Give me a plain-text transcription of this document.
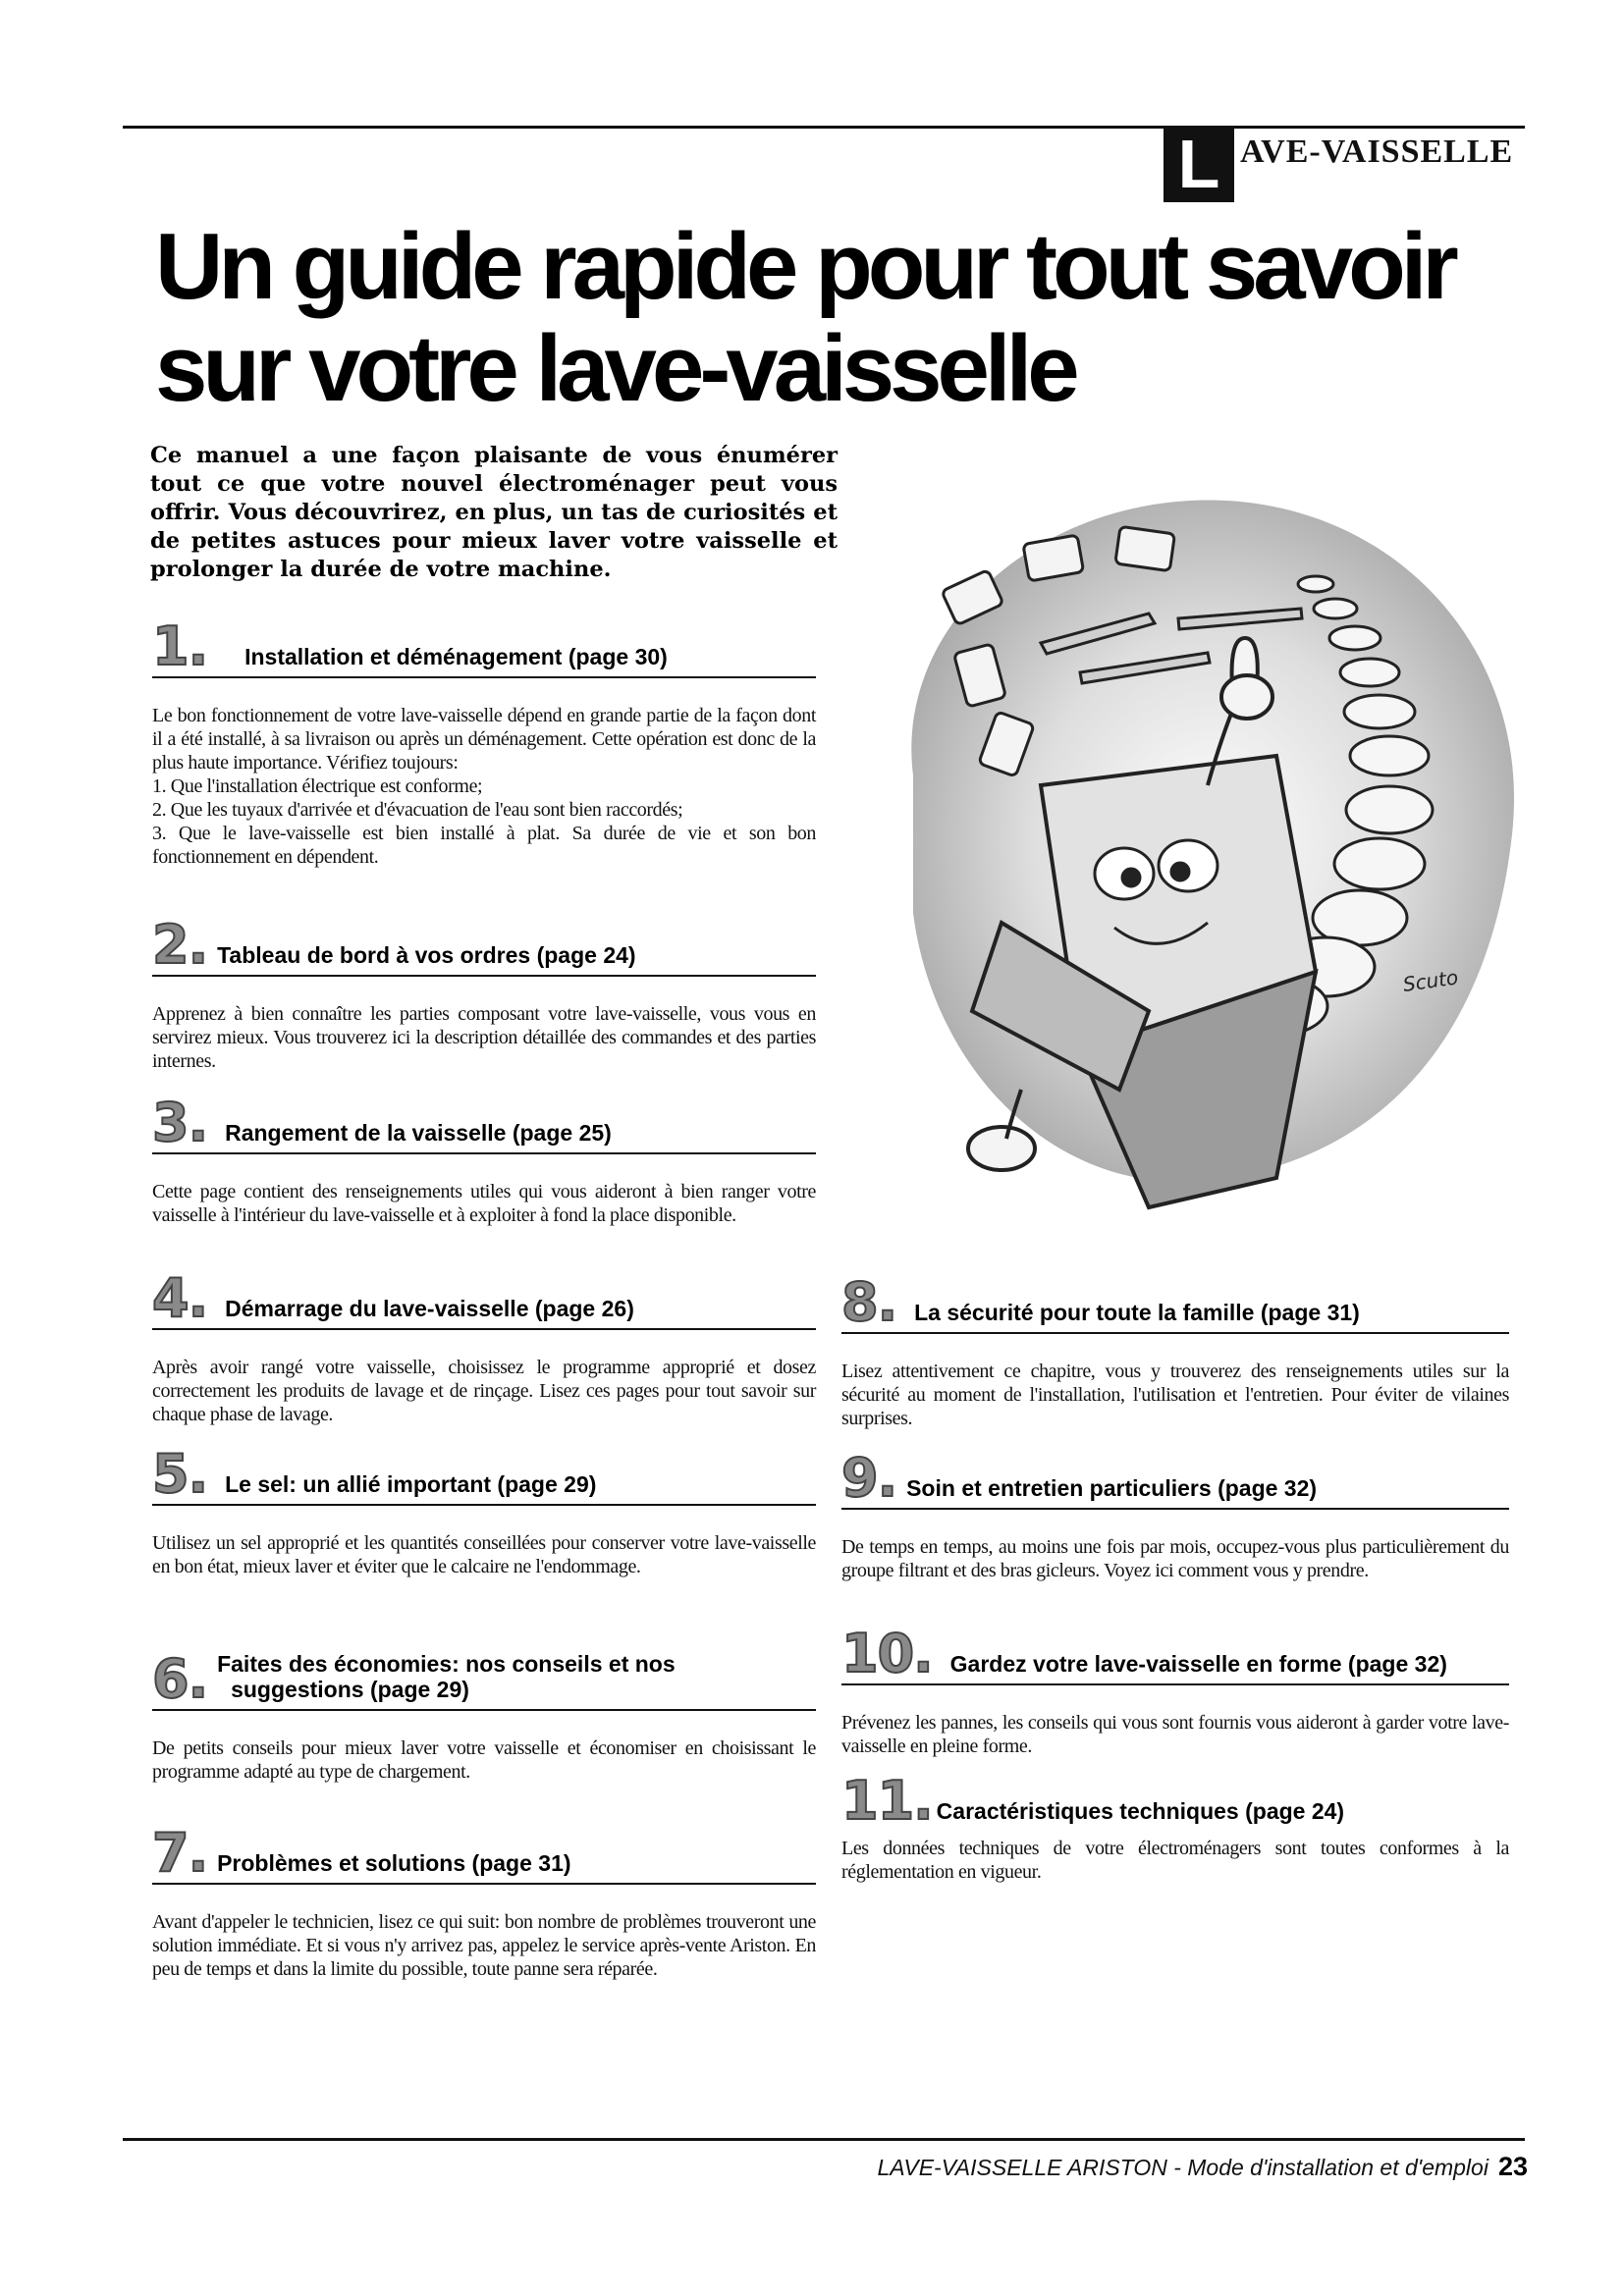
L AVE-VAISSELLE
Un guide rapide pour tout savoir
sur votre lave-vaisselle

Ce manuel a une façon plaisante de vous énumérer tout ce que votre nouvel électroménager peut vous offrir. Vous découvrirez, en plus, un tas de curiosités et de petites astuces pour mieux laver votre vaisselle et prolonger la durée de votre machine.

1. Installation et déménagement (page 30)
Le bon fonctionnement de votre lave-vaisselle dépend en grande partie de la façon dont il a été installé, à sa livraison ou après un déménagement. Cette opération est donc de la plus haute importance. Vérifiez toujours:
1. Que l'installation électrique est conforme;
2. Que les tuyaux d'arrivée et d'évacuation de l'eau sont bien raccordés;
3. Que le lave-vaisselle est bien installé à plat. Sa durée de vie et son bon fonctionnement en dépendent.
2. Tableau de bord à vos ordres (page 24)
Apprenez à bien connaître les parties composant votre lave-vaisselle, vous vous en servirez mieux. Vous trouverez ici la description détaillée des commandes et des parties internes.
3. Rangement de la vaisselle (page 25)
Cette page contient des renseignements utiles qui vous aideront à bien ranger votre vaisselle à l'intérieur du lave-vaisselle et à exploiter à fond la place disponible.
4. Démarrage du lave-vaisselle (page 26)
Après avoir rangé votre vaisselle, choisissez le programme approprié et dosez correctement les produits de lavage et de rinçage. Lisez ces pages pour tout savoir sur chaque phase de lavage.
5. Le sel: un allié important (page 29)
Utilisez un sel approprié et les quantités conseillées pour conserver votre lave-vaisselle en bon état, mieux laver et éviter que le calcaire ne l'endommage.
6. Faites des économies: nos conseils et nos
suggestions (page 29)
De petits conseils pour mieux laver votre vaisselle et économiser en choisissant le programme adapté au type de chargement.
7. Problèmes et solutions (page 31)
Avant d'appeler le technicien, lisez ce qui suit: bon nombre de problèmes trouveront une solution immédiate. Et si vous n'y arrivez pas, appelez le service après-vente Ariston. En peu de temps et dans la limite du possible, toute panne sera réparée.
8. La sécurité pour toute la famille (page 31)
Lisez attentivement ce chapitre, vous y trouverez des renseignements utiles sur la sécurité au moment de l'installation, l'utilisation et l'entretien. Pour éviter de vilaines surprises.
9. Soin et entretien particuliers (page 32)
De temps en temps, au moins une fois par mois, occupez-vous plus particulièrement du groupe filtrant et des bras gicleurs. Voyez ici comment vous y prendre.
10. Gardez votre lave-vaisselle en forme (page 32)
Prévenez les pannes, les conseils qui vous sont fournis vous aideront à garder votre lave-vaisselle en pleine forme.
11. Caractéristiques techniques (page 24)
Les données techniques de votre électroménagers sont toutes conformes à la réglementation en vigueur.
Scuto
LAVE-VAISSELLE ARISTON - Mode d'installation et d'emploi 23
